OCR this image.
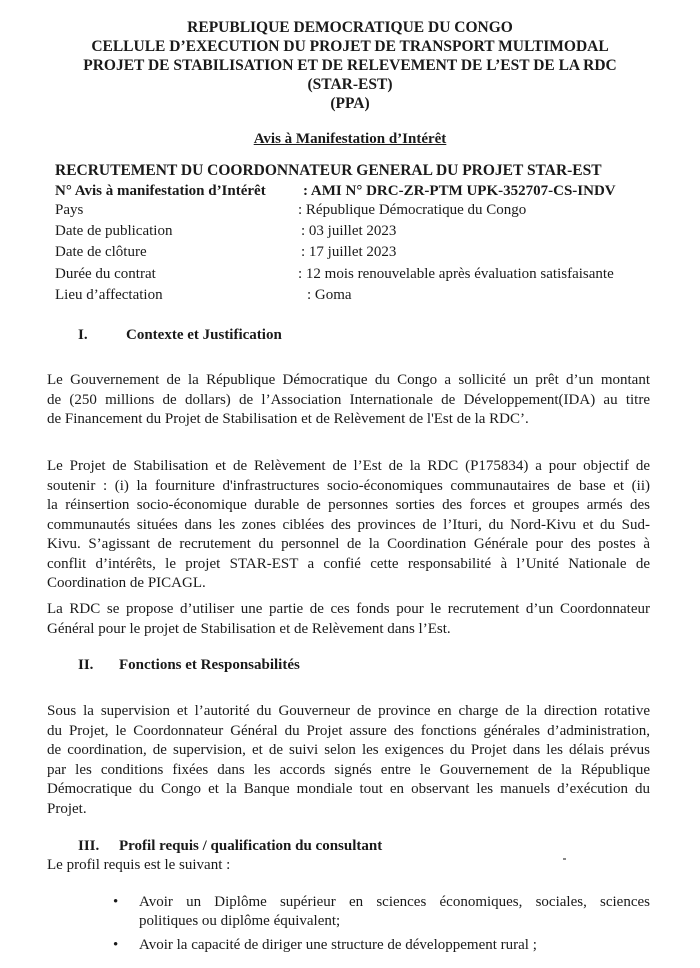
REPUBLIQUE DEMOCRATIQUE DU CONGO
CELLULE D’EXECUTION DU PROJET DE TRANSPORT MULTIMODAL
PROJET DE STABILISATION ET DE RELEVEMENT DE L’EST DE LA RDC
(STAR-EST)
(PPA)
Avis à Manifestation d’Intérêt
RECRUTEMENT DU COORDONNATEUR GENERAL DU PROJET STAR-EST
N° Avis à manifestation d’Intérêt : AMI N° DRC-ZR-PTM UPK-352707-CS-INDV
Pays	: République Démocratique du Congo
Date de publication	: 03 juillet 2023
Date de clôture	: 17 juillet 2023
Durée du contrat	: 12 mois renouvelable après évaluation satisfaisante
Lieu d’affectation	: Goma
I.	Contexte et Justification
Le Gouvernement de la République Démocratique du Congo a sollicité un prêt d’un montant
de (250 millions de dollars) de l’Association Internationale de Développement(IDA) au titre
de Financement du Projet de Stabilisation et de Relèvement de l'Est de la RDC’.
Le Projet de Stabilisation et de Relèvement de l’Est de la RDC (P175834) a pour objectif de
soutenir : (i) la fourniture d'infrastructures socio-économiques communautaires de base et (ii)
la réinsertion socio-économique durable de personnes sorties des forces et groupes armés des
communautés situées dans les zones ciblées des provinces de l’Ituri, du Nord-Kivu et du Sud-
Kivu. S’agissant de recrutement du personnel de la Coordination Générale pour des postes à
conflit d’intérêts, le projet STAR-EST a confié cette responsabilité à l’Unité Nationale de
Coordination de PICAGL.
La RDC se propose d’utiliser une partie de ces fonds pour le recrutement d’un Coordonnateur
Général pour le projet de Stabilisation et de Relèvement dans l’Est.
II. Fonctions et Responsabilités
Sous la supervision et l’autorité du Gouverneur de province en charge de la direction rotative
du Projet, le Coordonnateur Général du Projet assure des fonctions générales d’administration,
de coordination, de supervision, et de suivi selon les exigences du Projet dans les délais prévus
par les conditions fixées dans les accords signés entre le Gouvernement de la République
Démocratique du Congo et la Banque mondiale tout en observant les manuels d’exécution du
Projet.
III. Profil requis / qualification du consultant
Le profil requis est le suivant :
• Avoir un Diplôme supérieur en sciences économiques, sociales, sciences
politiques ou diplôme équivalent;
• Avoir la capacité de diriger une structure de développement rural ;
